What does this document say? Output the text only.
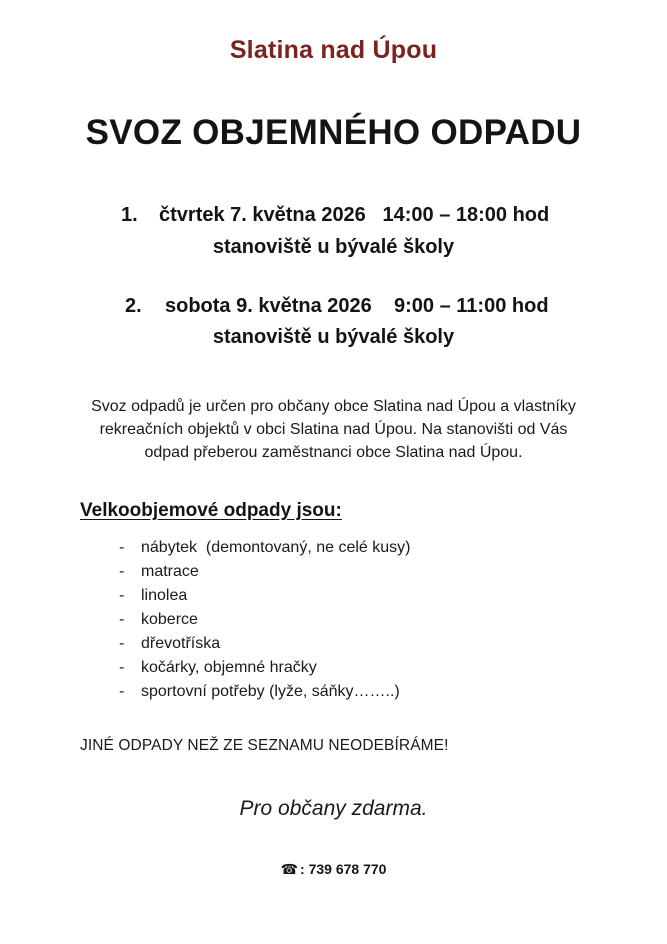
Slatina nad Úpou
SVOZ OBJEMNÉHO ODPADU

1. čtvrtek 7. května 2026 14:00 – 18:00 hod

stanoviště u bývalé školy

2. sobota 9. května 2026 9:00 – 11:00 hod

stanoviště u bývalé školy

Svoz odpadů je určen pro občany obce Slatina nad Úpou a vlastníky
rekreačních objektů v obci Slatina nad Úpou. Na stanovišti od Vás
odpad přeberou zaměstnanci obce Slatina nad Úpou.
Velkoobjemové odpady jsou:
- nábytek  (demontovaný, ne celé kusy)
- matrace
- linolea
- koberce
- dřevotříska
- kočárky, objemné hračky
- sportovní potřeby (lyže, sáňky……..)
JINÉ ODPADY NEŽ ZE SEZNAMU NEODEBÍRÁME!
Pro občany zdarma.
☎ : 739 678 770
